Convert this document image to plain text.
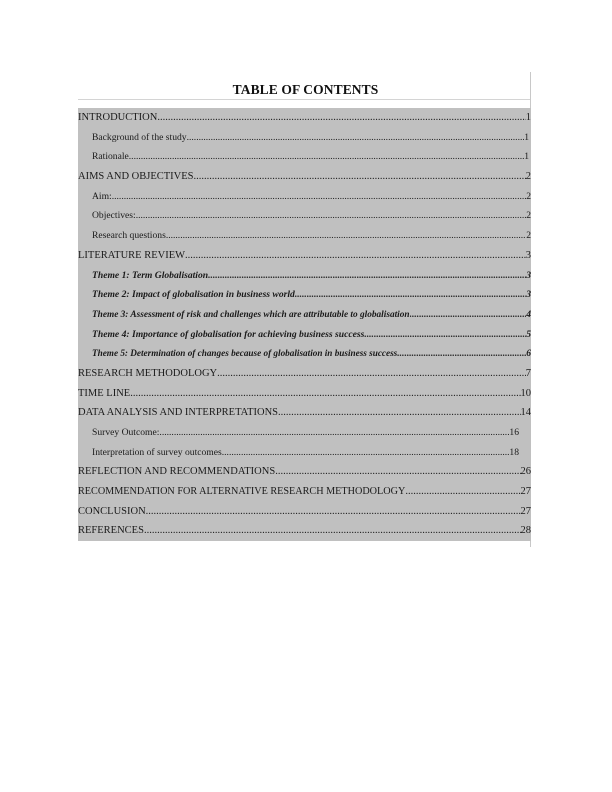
TABLE OF CONTENTS
INTRODUCTION .....	1
Background of the study .....	1
Rationale .....	1
AIMS AND OBJECTIVES .....	2
Aim: .....	2
Objectives: .....	2
Research questions .....	2
LITERATURE REVIEW .....	3
Theme 1: Term Globalisation .....	3
Theme 2: Impact of globalisation in business world .....	3
Theme 3: Assessment of risk and challenges which are attributable to globalisation .....	4
Theme 4: Importance of globalisation for achieving business success .....	5
Theme 5: Determination of changes because of globalisation in business success .....	6
RESEARCH METHODOLOGY .....	7
TIME LINE .....	10
DATA ANALYSIS AND INTERPRETATIONS .....	14
Survey Outcome: .....	16
Interpretation of survey outcomes .....	18
REFLECTION AND RECOMMENDATIONS .....	26
RECOMMENDATION FOR ALTERNATIVE RESEARCH METHODOLOGY .....	27
CONCLUSION .....	27
REFERENCES .....	28
